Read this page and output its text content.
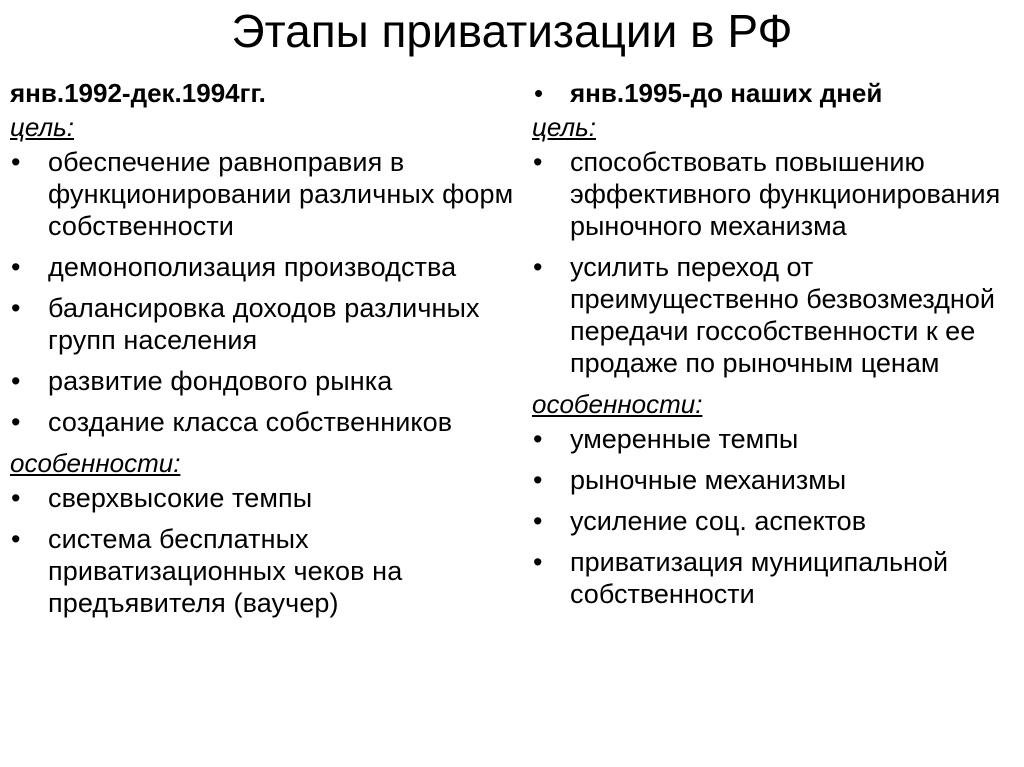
Этапы приватизации в РФ
янв.1992-дек.1994гг.
цель:
• обеспечение равноправия в функционировании различных форм собственности
• демонополизация производства
• балансировка доходов различных групп населения
• развитие фондового рынка
• создание класса собственников
особенности:
• сверхвысокие темпы
• система бесплатных приватизационных чеков на предъявителя (ваучер)
• янв.1995-до наших дней
цель:
• способствовать повышению эффективного функционирования рыночного механизма
• усилить переход от преимущественно безвозмездной передачи госсобственности к ее продаже по рыночным ценам
особенности:
• умеренные темпы
• рыночные механизмы
• усиление соц. аспектов
• приватизация муниципальной собственности
